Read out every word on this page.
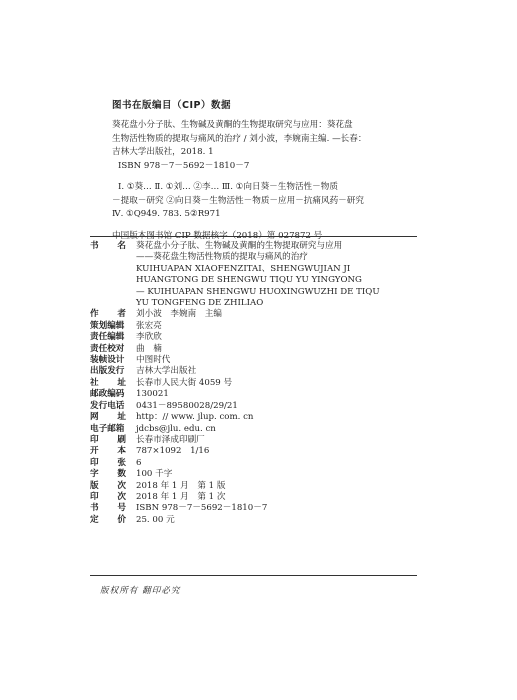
图书在版编目（CIP）数据

葵花盘小分子肽、生物碱及黄酮的生物提取研究与应用：葵花盘

生物活性物质的提取与痛风的治疗 / 刘小波，李婉南主编. —长春：

吉林大学出版社，2018. 1

ISBN 978－7－5692－1810－7

Ⅰ. ①葵… Ⅱ. ①刘… ②李… Ⅲ. ①向日葵－生物活性－物质

－提取－研究 ②向日葵－生物活性－物质－应用－抗痛风药－研究

Ⅳ. ①Q949. 783. 5②R971

中国版本图书馆 CIP 数据核字（2018）第 027872 号

书 名 葵花盘小分子肽、生物碱及黄酮的生物提取研究与应用
——葵花盘生物活性物质的提取与痛风的治疗
KUIHUAPAN XIAOFENZITAI、SHENGWUJIAN JI
HUANGTONG DE SHENGWU TIQU YU YINGYONG
— KUIHUAPAN SHENGWU HUOXINGWUZHI DE TIQU
YU TONGFENG DE ZHILIAO
作 者 刘小波　李婉南　主编
策划编辑	张宏亮
责任编辑	李欣欣
责任校对	曲　楠
装帧设计	中图时代
出版发行	吉林大学出版社
社 址 长春市人民大街 4059 号
邮政编码	130021
发行电话	0431－89580028/29/21
网 址 http：// www. jlup. com. cn
电子邮箱	jdcbs@jlu. edu. cn
印 刷 长春市泽成印刷厂
开 本 787×1092　1/16
印 张 6
字 数 100 千字
版 次 2018 年 1 月　第 1 版
印 次 2018 年 1 月　第 1 次
书 号 ISBN 978－7－5692－1810－7
定 价 25. 00 元
版权所有 翻印必究
